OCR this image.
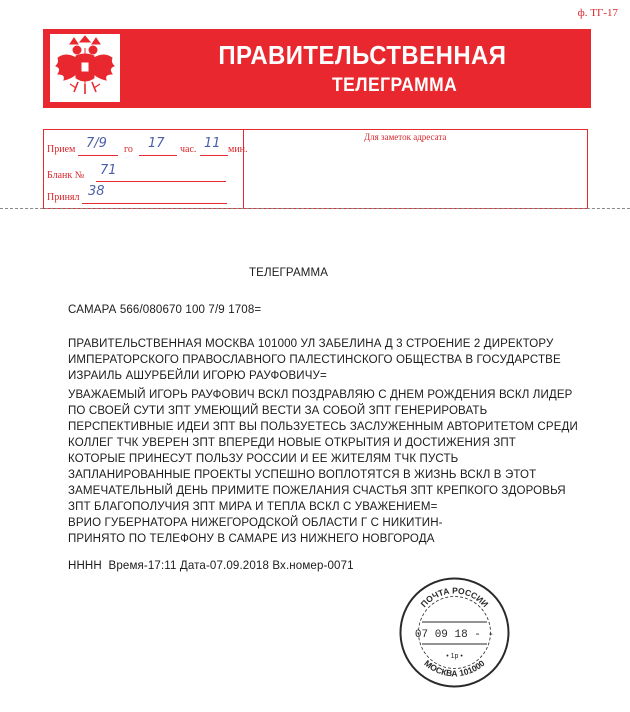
ф. ТГ-17
ПРАВИТЕЛЬСТВЕННАЯ
ТЕЛЕГРАММА
Прием 7/9 го 17 час. 11 мин.
Бланк № 71
Принял 38
Для заметок адресата
ТЕЛЕГРАММА
САМАРА 566/080670 100 7/9 1708=
ПРАВИТЕЛЬСТВЕННАЯ МОСКВА 101000 УЛ ЗАБЕЛИНА Д 3 СТРОЕНИЕ 2 ДИРЕКТОРУ
ИМПЕРАТОРСКОГО ПРАВОСЛАВНОГО ПАЛЕСТИНСКОГО ОБЩЕСТВА В ГОСУДАРСТВЕ
ИЗРАИЛЬ АШУРБЕЙЛИ ИГОРЮ РАУФОВИЧУ=
УВАЖАЕМЫЙ ИГОРЬ РАУФОВИЧ ВСКЛ ПОЗДРАВЛЯЮ С ДНЕМ РОЖДЕНИЯ ВСКЛ ЛИДЕР
ПО СВОЕЙ СУТИ ЗПТ УМЕЮЩИЙ ВЕСТИ ЗА СОБОЙ ЗПТ ГЕНЕРИРОВАТЬ
ПЕРСПЕКТИВНЫЕ ИДЕИ ЗПТ ВЫ ПОЛЬЗУЕТЕСЬ ЗАСЛУЖЕННЫМ АВТОРИТЕТОМ СРЕДИ
КОЛЛЕГ ТЧК УВЕРЕН ЗПТ ВПЕРЕДИ НОВЫЕ ОТКРЫТИЯ И ДОСТИЖЕНИЯ ЗПТ
КОТОРЫЕ ПРИНЕСУТ ПОЛЬЗУ РОССИИ И ЕЕ ЖИТЕЛЯМ ТЧК ПУСТЬ
ЗАПЛАНИРОВАННЫЕ ПРОЕКТЫ УСПЕШНО ВОПЛОТЯТСЯ В ЖИЗНЬ ВСКЛ В ЭТОТ
ЗАМЕЧАТЕЛЬНЫЙ ДЕНЬ ПРИМИТЕ ПОЖЕЛАНИЯ СЧАСТЬЯ ЗПТ КРЕПКОГО ЗДОРОВЬЯ
ЗПТ БЛАГОПОЛУЧИЯ ЗПТ МИРА И ТЕПЛА ВСКЛ С УВАЖЕНИЕМ=
ВРИО ГУБЕРНАТОРА НИЖЕГОРОДСКОЙ ОБЛАСТИ Г С НИКИТИН-
ПРИНЯТО ПО ТЕЛЕФОНУ В САМАРЕ ИЗ НИЖНЕГО НОВГОРОДА
НННН  Время-17:11 Дата-07.09.2018 Вх.номер-0071
ПОЧТА РОССИИ
07 09 18 - -
• 1р •
МОСКВА 101000
